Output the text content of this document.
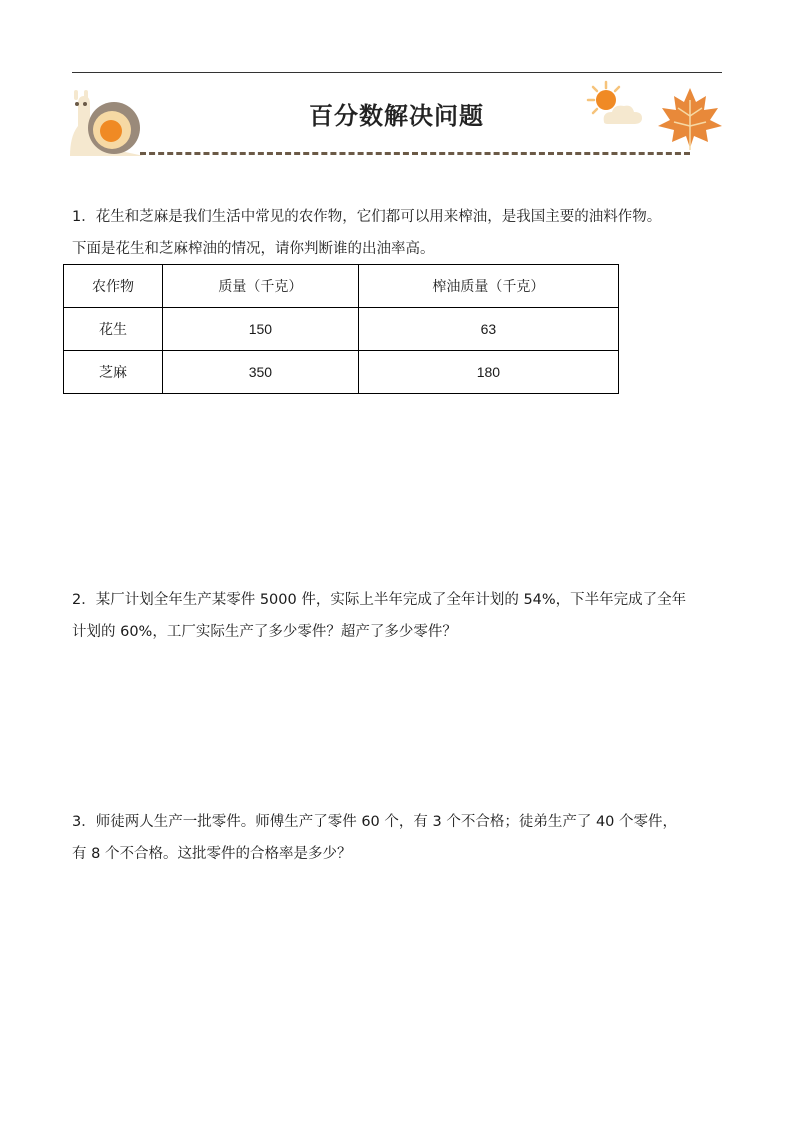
百分数解决问题
1．花生和芝麻是我们生活中常见的农作物，它们都可以用来榨油，是我国主要的油料作物。
下面是花生和芝麻榨油的情况，请你判断谁的出油率高。
农作物	质量（千克）	榨油质量（千克）
花生	150	63
芝麻	350	180
2．某厂计划全年生产某零件 5000 件，实际上半年完成了全年计划的 54%，下半年完成了全年
计划的 60%，工厂实际生产了多少零件？超产了多少零件？
3．师徒两人生产一批零件。师傅生产了零件 60 个，有 3 个不合格；徒弟生产了 40 个零件，
有 8 个不合格。这批零件的合格率是多少？
